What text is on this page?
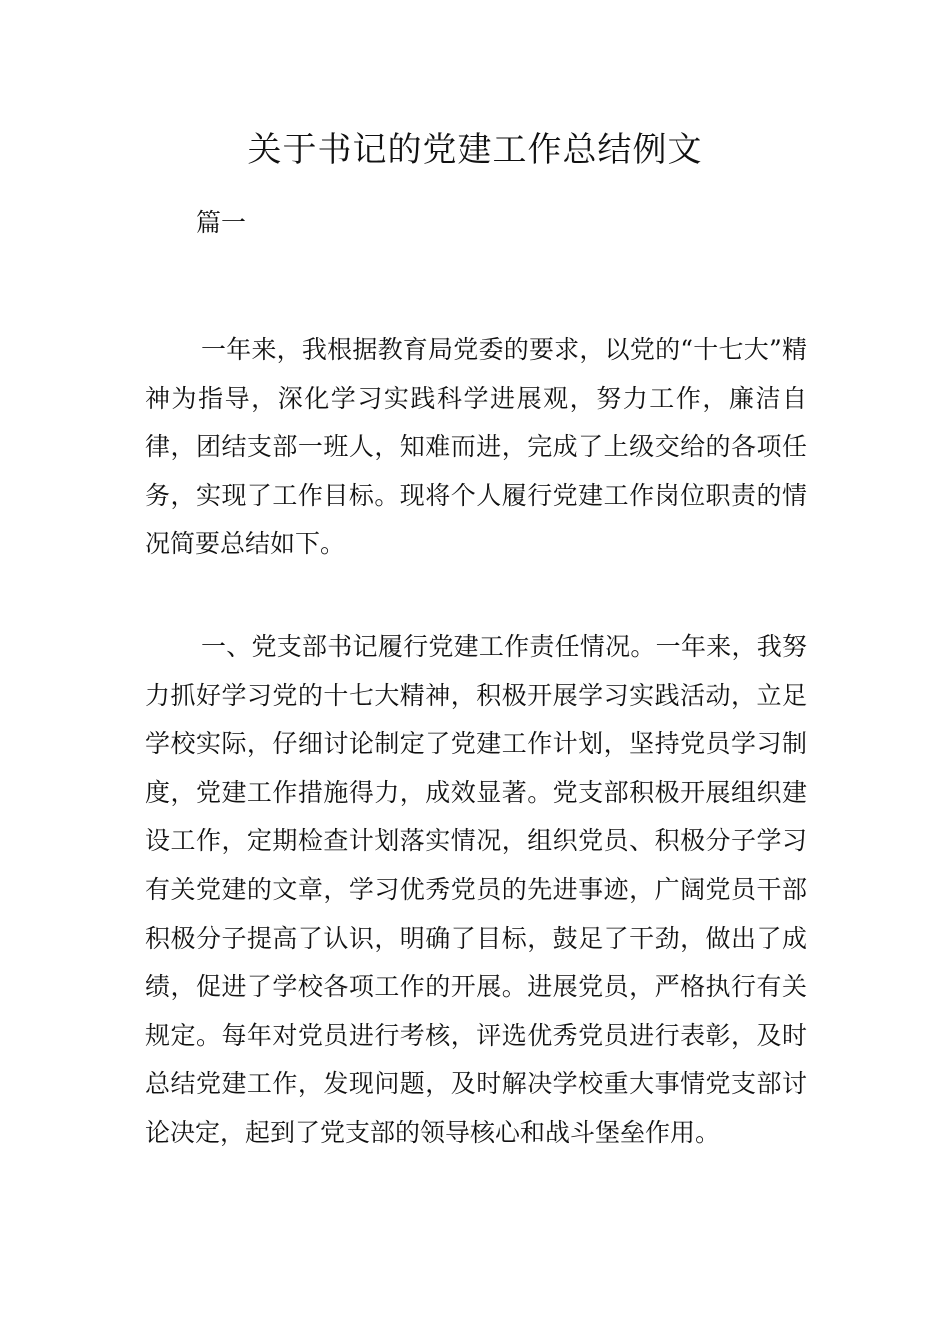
关于书记的党建工作总结例文
篇一

一年来，我根据教育局党委的要求，以党的“十七大”精神为指导，深化学习实践科学进展观，努力工作，廉洁自律，团结支部一班人，知难而进，完成了上级交给的各项任务，实现了工作目标。现将个人履行党建工作岗位职责的情况简要总结如下。

一、党支部书记履行党建工作责任情况。一年来，我努力抓好学习党的十七大精神，积极开展学习实践活动，立足学校实际，仔细讨论制定了党建工作计划，坚持党员学习制度，党建工作措施得力，成效显著。党支部积极开展组织建设工作，定期检查计划落实情况，组织党员、积极分子学习有关党建的文章，学习优秀党员的先进事迹，广阔党员干部积极分子提高了认识，明确了目标，鼓足了干劲，做出了成绩，促进了学校各项工作的开展。进展党员，严格执行有关规定。每年对党员进行考核，评选优秀党员进行表彰，及时总结党建工作，发现问题，及时解决学校重大事情党支部讨论决定，起到了党支部的领导核心和战斗堡垒作用。
